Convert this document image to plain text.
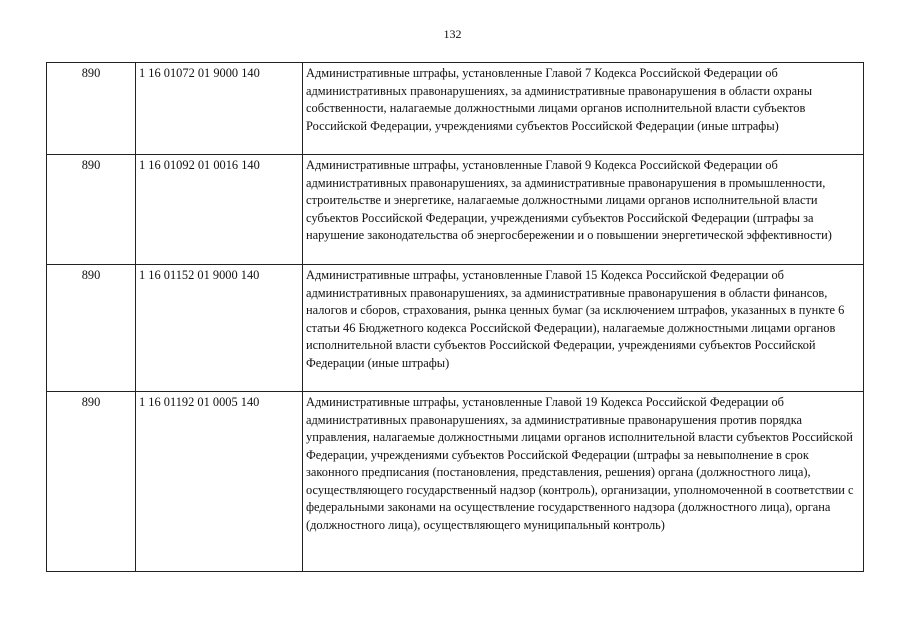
132
890	1 16 01072 01 9000 140	Административные штрафы, установленные Главой 7 Кодекса Российской Федерации об административных правонарушениях, за административные правонарушения в области охраны собственности, налагаемые должностными лицами органов исполнительной власти субъектов Российской Федерации, учреждениями субъектов Российской Федерации (иные штрафы)
890	1 16 01092 01 0016 140	Административные штрафы, установленные Главой 9 Кодекса Российской Федерации об административных правонарушениях, за административные правонарушения в промышленности, строительстве и энергетике, налагаемые должностными лицами органов исполнительной власти субъектов Российской Федерации, учреждениями субъектов Российской Федерации (штрафы за нарушение законодательства об энергосбережении и о повышении энергетической эффективности)
890	1 16 01152 01 9000 140	Административные штрафы, установленные Главой 15 Кодекса Российской Федерации об административных правонарушениях, за административные правонарушения в области финансов, налогов и сборов, страхования, рынка ценных бумаг (за исключением штрафов, указанных в пункте 6 статьи 46 Бюджетного кодекса Российской Федерации), налагаемые должностными лицами органов исполнительной власти субъектов Российской Федерации, учреждениями субъектов Российской Федерации (иные штрафы)
890	1 16 01192 01 0005 140	Административные штрафы, установленные Главой 19 Кодекса Российской Федерации об административных правонарушениях, за административные правонарушения против порядка управления, налагаемые должностными лицами органов исполнительной власти субъектов Российской Федерации, учреждениями субъектов Российской Федерации (штрафы за невыполнение в срок законного предписания (постановления, представления, решения) органа (должностного лица), осуществляющего государственный надзор (контроль), организации, уполномоченной в соответствии с федеральными законами на осуществление государственного надзора (должностного лица), органа (должностного лица), осуществляющего муниципальный контроль)
